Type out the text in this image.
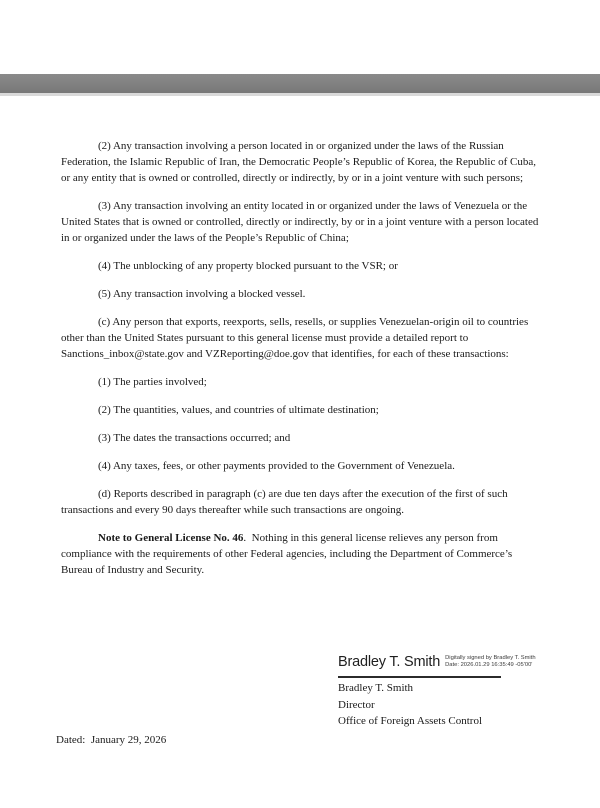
(2) Any transaction involving a person located in or organized under the laws of the Russian Federation, the Islamic Republic of Iran, the Democratic People’s Republic of Korea, the Republic of Cuba, or any entity that is owned or controlled, directly or indirectly, by or in a joint venture with such persons;

(3) Any transaction involving an entity located in or organized under the laws of Venezuela or the United States that is owned or controlled, directly or indirectly, by or in a joint venture with a person located in or organized under the laws of the People’s Republic of China;

(4) The unblocking of any property blocked pursuant to the VSR; or

(5) Any transaction involving a blocked vessel.

(c) Any person that exports, reexports, sells, resells, or supplies Venezuelan-origin oil to countries other than the United States pursuant to this general license must provide a detailed report to Sanctions_inbox@state.gov and VZReporting@doe.gov that identifies, for each of these transactions:

(1) The parties involved;

(2) The quantities, values, and countries of ultimate destination;

(3) The dates the transactions occurred; and

(4) Any taxes, fees, or other payments provided to the Government of Venezuela.

(d) Reports described in paragraph (c) are due ten days after the execution of the first of such transactions and every 90 days thereafter while such transactions are ongoing.

Note to General License No. 46.  Nothing in this general license relieves any person from compliance with the requirements of other Federal agencies, including the Department of Commerce’s Bureau of Industry and Security.

Bradley T. Smith Digitally signed by Bradley T. Smith
Date: 2026.01.29 16:35:49 -05'00'
Bradley T. Smith
Director
Office of Foreign Assets Control
Dated:  January 29, 2026
